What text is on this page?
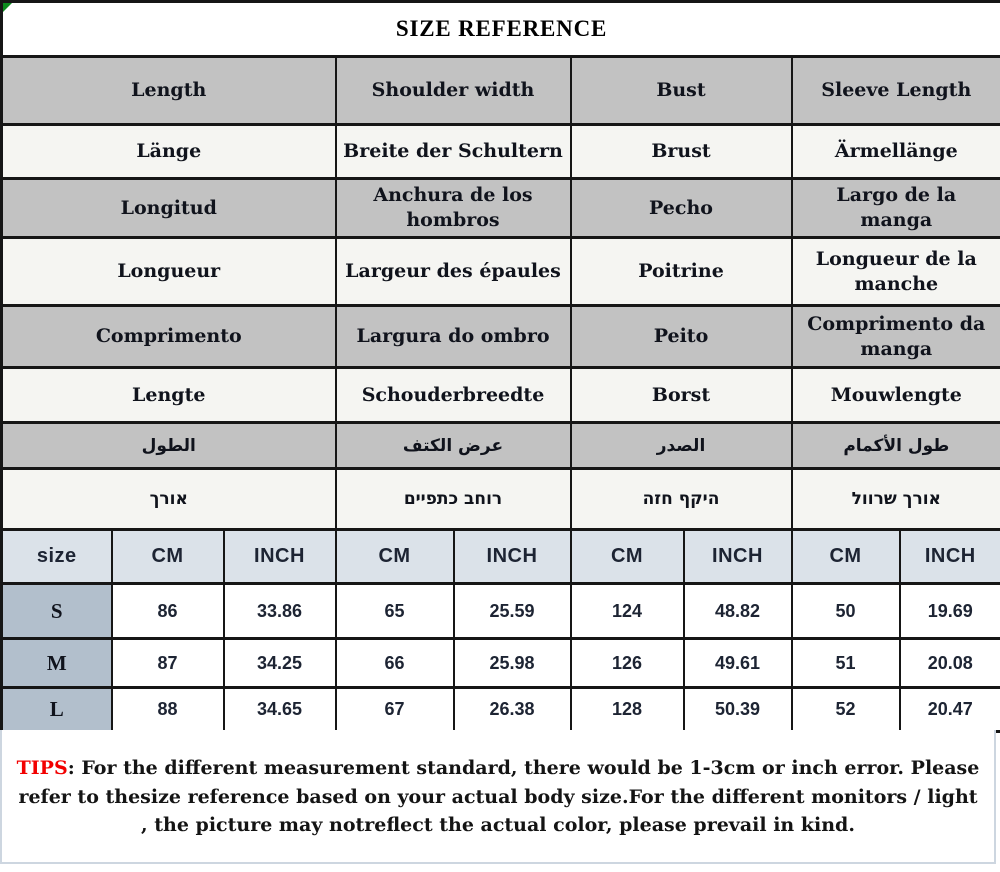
SIZE REFERENCE								
Length			Shoulder width		Bust		Sleeve Length	
Länge			Breite der Schultern		Brust		Ärmellänge	
Longitud			Anchura de los hombros		Pecho		Largo de la manga	
Longueur			Largeur des épaules		Poitrine		Longueur de la manche	
Comprimento			Largura do ombro		Peito		Comprimento da manga	
Lengte			Schouderbreedte		Borst		Mouwlengte	
الطول			عرض الكتف		الصدر		طول الأكمام	
אורך			רוחב כתפיים		היקף חזה		אורך שרוול	
size	CM	INCH	CM	INCH	CM	INCH	CM	INCH
S	86	33.86	65	25.59	124	48.82	50	19.69
M	87	34.25	66	25.98	126	49.61	51	20.08
L	88	34.65	67	26.38	128	50.39	52	20.47
TIPS: For the different measurement standard, there would be 1-3cm or inch error. Please refer to thesize reference based on your actual body size.For the different monitors / light , the picture may notreflect the actual color, please prevail in kind.
